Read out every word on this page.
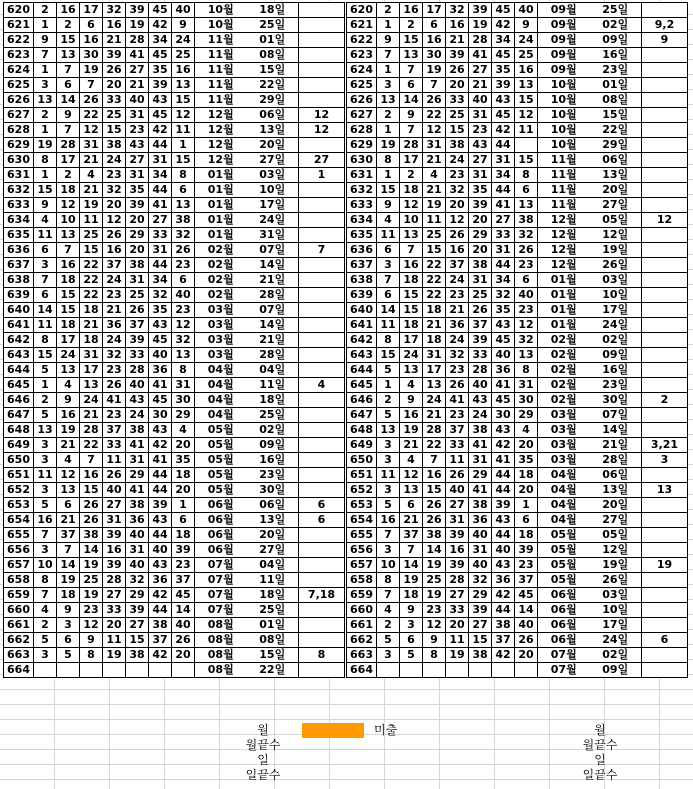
620	2	16	17	32	39	45	40	10월 18일	

621	1	2	6	16	19	42	9	10월 25일	

622	9	15	16	21	28	34	24	11월 01일	

623	7	13	30	39	41	45	25	11월 08일	

624	1	7	19	26	27	35	16	11월 15일	

625	3	6	7	20	21	39	13	11월 22일	

626	13	14	26	33	40	43	15	11월 29일	

627	2	9	22	25	31	45	12	12월 06일	12
628	1	7	12	15	23	42	11	12월 13일	12
629	19	28	31	38	43	44	1	12월 20일	

630	8	17	21	24	27	31	15	12월 27일	27
631	1	2	4	23	31	34	8	01월 03일	1
632	15	18	21	32	35	44	6	01월 10일	

633	9	12	19	20	39	41	13	01월 17일	

634	4	10	11	12	20	27	38	01월 24일	

635	11	13	25	26	29	33	32	01월 31일	

636	6	7	15	16	20	31	26	02월 07일	7
637	3	16	22	37	38	44	23	02월 14일	

638	7	18	22	24	31	34	6	02월 21일	

639	6	15	22	23	25	32	40	02월 28일	

640	14	15	18	21	26	35	23	03월 07일	

641	11	18	21	36	37	43	12	03월 14일	

642	8	17	18	24	39	45	32	03월 21일	

643	15	24	31	32	33	40	13	03월 28일	

644	5	13	17	23	28	36	8	04월 04일	

645	1	4	13	26	40	41	31	04월 11일	4
646	2	9	24	41	43	45	30	04월 18일	

647	5	16	21	23	24	30	29	04월 25일	

648	13	19	28	37	38	43	4	05월 02일	

649	3	21	22	33	41	42	20	05월 09일	

650	3	4	7	11	31	41	35	05월 16일	

651	11	12	16	26	29	44	18	05월 23일	

652	3	13	15	40	41	44	20	05월 30일	

653	5	6	26	27	38	39	1	06월 06일	6
654	16	21	26	31	36	43	6	06월 13일	6
655	7	37	38	39	40	44	18	06월 20일	

656	3	7	14	16	31	40	39	06월 27일	

657	10	14	19	39	40	43	23	07월 04일	

658	8	19	25	28	32	36	37	07월 11일	

659	7	18	19	27	29	42	45	07월 18일	7,18
660	4	9	23	33	39	44	14	07월 25일	

661	2	3	12	20	27	38	40	08월 01일	

662	5	6	9	11	15	37	26	08월 08일	

663	3	5	8	19	38	42	20	08월 15일	8
664								08월 22일	

620	2	16	17	32	39	45	40	09월 25일	

621	1	2	6	16	19	42	9	09월 02일	9,2
622	9	15	16	21	28	34	24	09월 09일	9
623	7	13	30	39	41	45	25	09월 16일	

624	1	7	19	26	27	35	16	09월 23일	

625	3	6	7	20	21	39	13	10월 01일	

626	13	14	26	33	40	43	15	10월 08일	

627	2	9	22	25	31	45	12	10월 15일	

628	1	7	12	15	23	42	11	10월 22일	

629	19	28	31	38	43	44		10월 29일	

630	8	17	21	24	27	31	15	11월 06일	

631	1	2	4	23	31	34	8	11월 13일	

632	15	18	21	32	35	44	6	11월 20일	

633	9	12	19	20	39	41	13	11월 27일	

634	4	10	11	12	20	27	38	12월 05일	12
635	11	13	25	26	29	33	32	12월 12일	

636	6	7	15	16	20	31	26	12월 19일	

637	3	16	22	37	38	44	23	12월 26일	

638	7	18	22	24	31	34	6	01월 03일	

639	6	15	22	23	25	32	40	01월 10일	

640	14	15	18	21	26	35	23	01월 17일	

641	11	18	21	36	37	43	12	01월 24일	

642	8	17	18	24	39	45	32	02월 02일	

643	15	24	31	32	33	40	13	02월 09일	

644	5	13	17	23	28	36	8	02월 16일	

645	1	4	13	26	40	41	31	02월 23일	

646	2	9	24	41	43	45	30	02월 30일	2
647	5	16	21	23	24	30	29	03월 07일	

648	13	19	28	37	38	43	4	03월 14일	

649	3	21	22	33	41	42	20	03월 21일	3,21
650	3	4	7	11	31	41	35	03월 28일	3
651	11	12	16	26	29	44	18	04월 06일	

652	3	13	15	40	41	44	20	04월 13일	13
653	5	6	26	27	38	39	1	04월 20일	

654	16	21	26	31	36	43	6	04월 27일	

655	7	37	38	39	40	44	18	05월 05일	

656	3	7	14	16	31	40	39	05월 12일	

657	10	14	19	39	40	43	23	05월 19일	19
658	8	19	25	28	32	36	37	05월 26일	

659	7	18	19	27	29	42	45	06월 03일	

660	4	9	23	33	39	44	14	06월 10일	

661	2	3	12	20	27	38	40	06월 17일	

662	5	6	9	11	15	37	26	06월 24일	6
663	3	5	8	19	38	42	20	07월 02일	

664								07월 09일	

월
월끝수
일
일끝수
미출	월
월끝수
일
일끝수
